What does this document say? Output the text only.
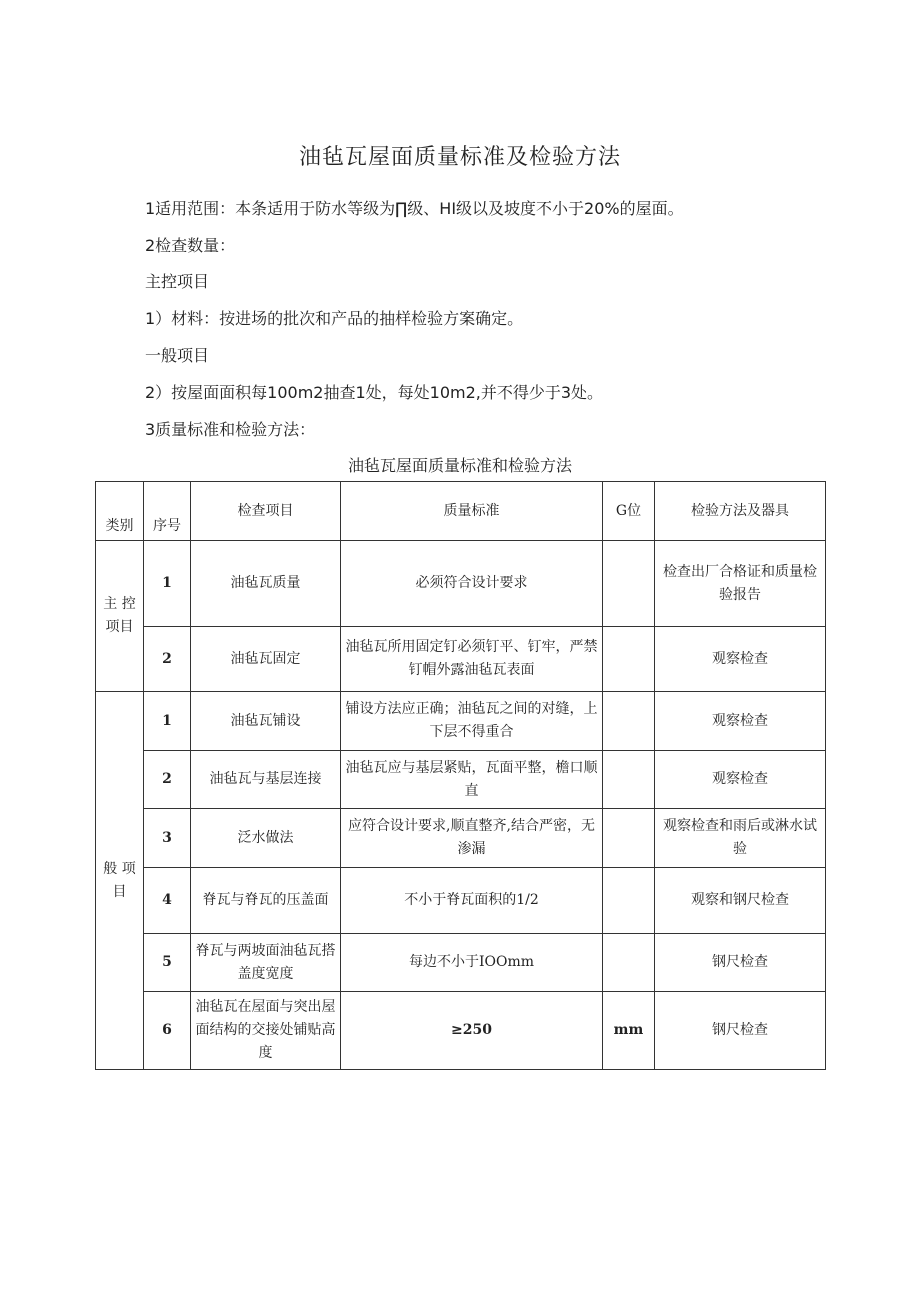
油毡瓦屋面质量标准及检验方法
1适用范围：本条适用于防水等级为∏级、HI级以及坡度不小于20%的屋面。
2检查数量：
主控项目
1）材料：按进场的批次和产品的抽样检验方案确定。
一般项目
2）按屋面面积每100m2抽查1处，每处10m2,并不得少于3处。
3质量标准和检验方法：
油毡瓦屋面质量标准和检验方法
类别	序号	检查项目	质量标准	G位	检验方法及器具
主 控 项目	1	油毡瓦质量	必须符合设计要求		检查出厂合格证和质量检验报告
	2	油毡瓦固定	油毡瓦所用固定钉必须钉平、钉牢，严禁钉帽外露油毡瓦表面		观察检查
般 项 目	1	油毡瓦铺设	铺设方法应正确；油毡瓦之间的对缝，上下层不得重合		观察检查
	2	油毡瓦与基层连接	油毡瓦应与基层紧贴，瓦面平整，檐口顺直		观察检查
	3	泛水做法	应符合设计要求,顺直整齐,结合严密，无渗漏		观察检查和雨后或淋水试验
	4	脊瓦与脊瓦的压盖面	不小于脊瓦面积的1/2		观察和钢尺检查
	5	脊瓦与两坡面油毡瓦搭盖度宽度	每边不小于IOOmm		钢尺检查
	6	油毡瓦在屋面与突出屋面结构的交接处铺贴高度	≥250	mm	钢尺检查
